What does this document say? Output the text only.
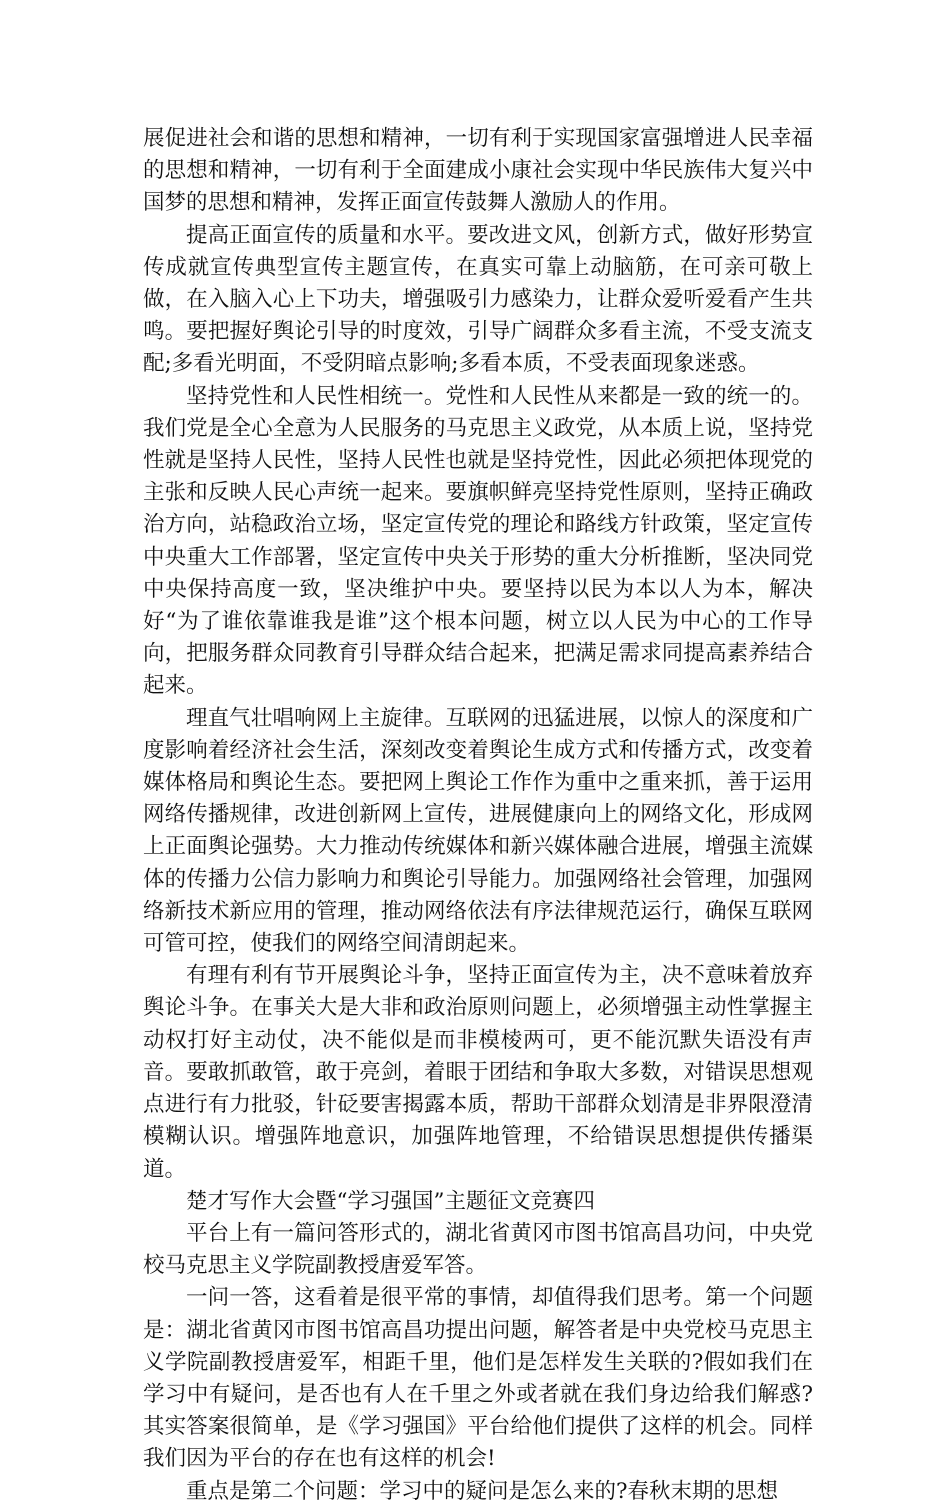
展促进社会和谐的思想和精神，一切有利于实现国家富强增进人民幸福的思想和精神，一切有利于全面建成小康社会实现中华民族伟大复兴中国梦的思想和精神，发挥正面宣传鼓舞人激励人的作用。

提高正面宣传的质量和水平。要改进文风，创新方式，做好形势宣传成就宣传典型宣传主题宣传，在真实可靠上动脑筋，在可亲可敬上做，在入脑入心上下功夫，增强吸引力感染力，让群众爱听爱看产生共鸣。要把握好舆论引导的时度效，引导广阔群众多看主流，不受支流支配;多看光明面，不受阴暗点影响;多看本质，不受表面现象迷惑。

坚持党性和人民性相统一。党性和人民性从来都是一致的统一的。我们党是全心全意为人民服务的马克思主义政党，从本质上说，坚持党性就是坚持人民性，坚持人民性也就是坚持党性，因此必须把体现党的主张和反映人民心声统一起来。要旗帜鲜亮坚持党性原则，坚持正确政治方向，站稳政治立场，坚定宣传党的理论和路线方针政策，坚定宣传中央重大工作部署，坚定宣传中央关于形势的重大分析推断，坚决同党中央保持高度一致，坚决维护中央。要坚持以民为本以人为本，解决好“为了谁依靠谁我是谁”这个根本问题，树立以人民为中心的工作导向，把服务群众同教育引导群众结合起来，把满足需求同提高素养结合起来。

理直气壮唱响网上主旋律。互联网的迅猛进展，以惊人的深度和广度影响着经济社会生活，深刻改变着舆论生成方式和传播方式，改变着媒体格局和舆论生态。要把网上舆论工作作为重中之重来抓，善于运用网络传播规律，改进创新网上宣传，进展健康向上的网络文化，形成网上正面舆论强势。大力推动传统媒体和新兴媒体融合进展，增强主流媒体的传播力公信力影响力和舆论引导能力。加强网络社会管理，加强网络新技术新应用的管理，推动网络依法有序法律规范运行，确保互联网可管可控，使我们的网络空间清朗起来。

有理有利有节开展舆论斗争，坚持正面宣传为主，决不意味着放弃舆论斗争。在事关大是大非和政治原则问题上，必须增强主动性掌握主动权打好主动仗，决不能似是而非模棱两可，更不能沉默失语没有声音。要敢抓敢管，敢于亮剑，着眼于团结和争取大多数，对错误思想观点进行有力批驳，针砭要害揭露本质，帮助干部群众划清是非界限澄清模糊认识。增强阵地意识，加强阵地管理，不给错误思想提供传播渠道。

楚才写作大会暨“学习强国”主题征文竞赛四

平台上有一篇问答形式的，湖北省黄冈市图书馆高昌功问，中央党校马克思主义学院副教授唐爱军答。

一问一答，这看着是很平常的事情，却值得我们思考。第一个问题是：湖北省黄冈市图书馆高昌功提出问题，解答者是中央党校马克思主义学院副教授唐爱军，相距千里，他们是怎样发生关联的?假如我们在学习中有疑问，是否也有人在千里之外或者就在我们身边给我们解惑?其实答案很简单，是《学习强国》平台给他们提供了这样的机会。同样我们因为平台的存在也有这样的机会!

重点是第二个问题：学习中的疑问是怎么来的?春秋末期的思想
